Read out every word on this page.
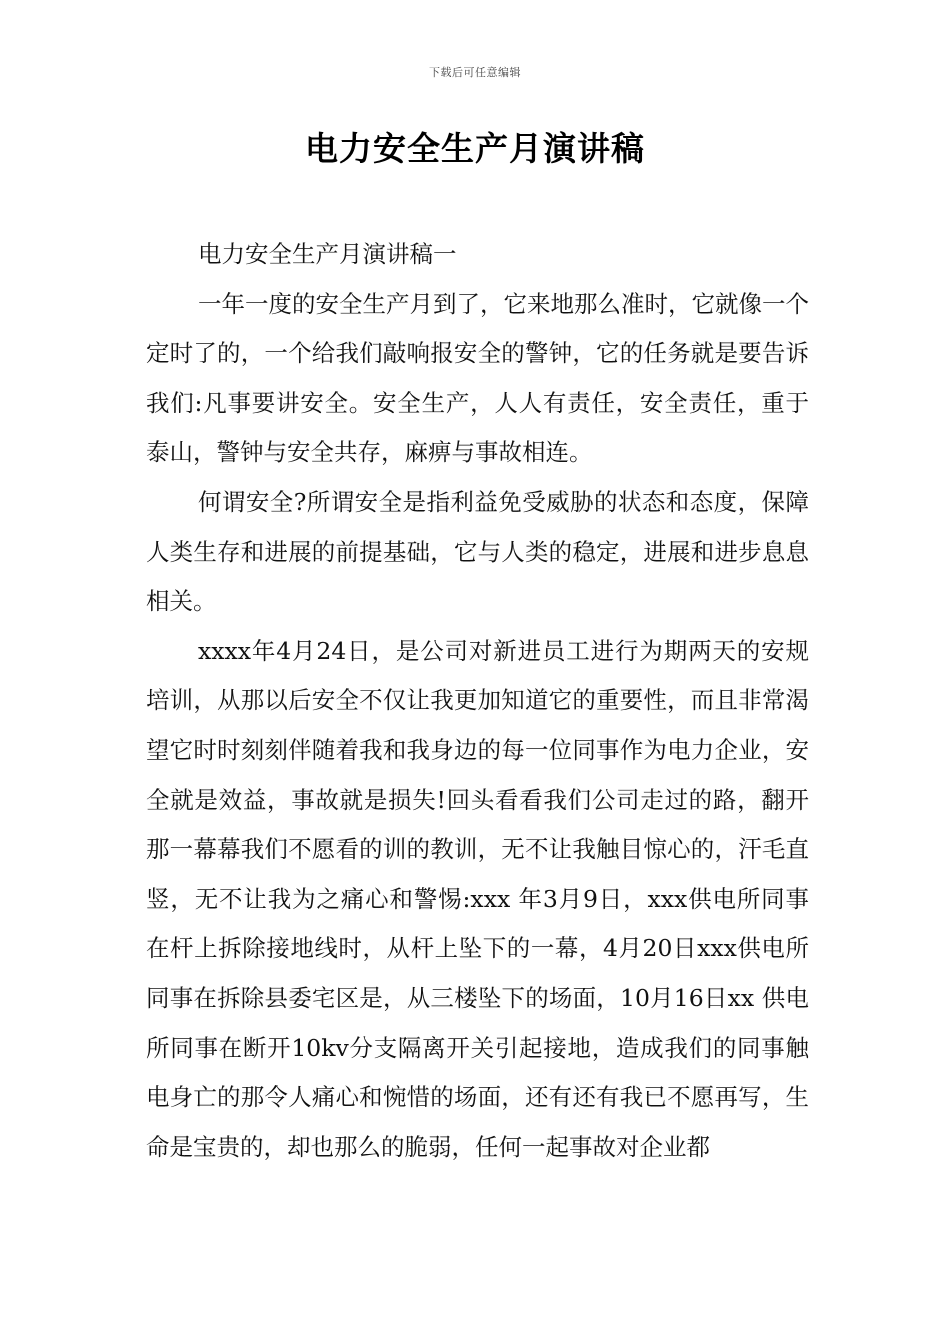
下载后可任意编辑
电力安全生产月演讲稿

电力安全生产月演讲稿一

一年一度的安全生产月到了，它来地那么准时，它就像一个定时了的，一个给我们敲响报安全的警钟，它的任务就是要告诉我们:凡事要讲安全。安全生产，人人有责任，安全责任，重于泰山，警钟与安全共存，麻痹与事故相连。

何谓安全?所谓安全是指利益免受威胁的状态和态度，保障人类生存和进展的前提基础，它与人类的稳定，进展和进步息息相关。

xxxx年4月24日，是公司对新进员工进行为期两天的安规培训，从那以后安全不仅让我更加知道它的重要性，而且非常渴望它时时刻刻伴随着我和我身边的每一位同事作为电力企业，安全就是效益，事故就是损失!回头看看我们公司走过的路，翻开那一幕幕我们不愿看的训的教训，无不让我触目惊心的，汗毛直竖，无不让我为之痛心和警惕:xxx 年3月9日，xxx供电所同事在杆上拆除接地线时，从杆上坠下的一幕，4月20日xxx供电所同事在拆除县委宅区是，从三楼坠下的场面，10月16日xx 供电所同事在断开10kv分支隔离开关引起接地，造成我们的同事触电身亡的那令人痛心和惋惜的场面，还有还有我已不愿再写，生命是宝贵的，却也那么的脆弱，任何一起事故对企业都
